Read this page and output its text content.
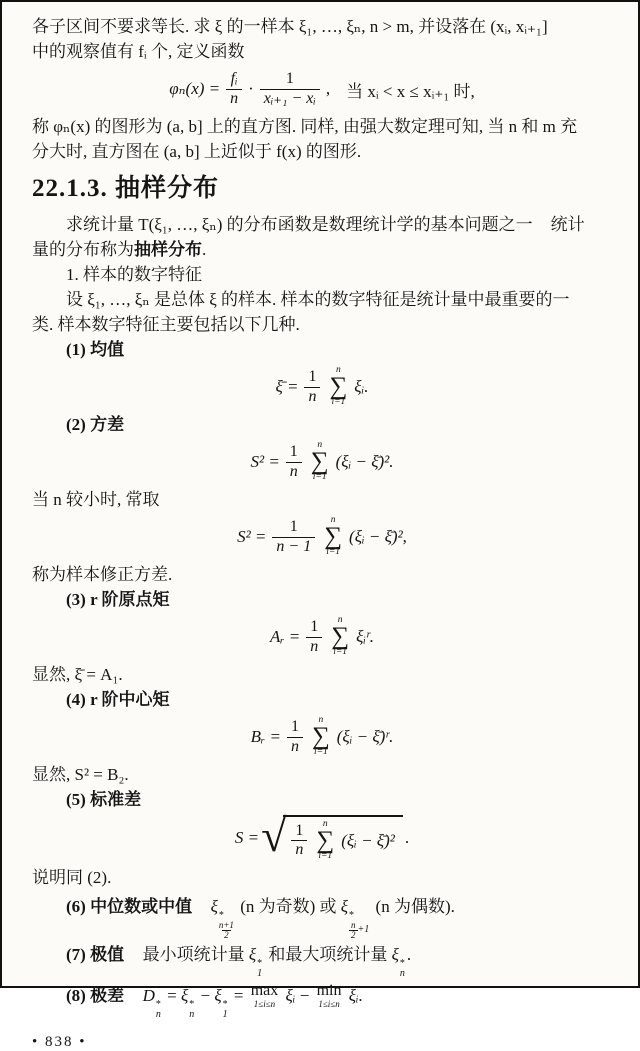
各子区间不要求等长. 求 ξ 的一样本 ξ₁, …, ξₙ, n > m, 并设落在 (xᵢ, xᵢ₊₁]
中的观察值有 fᵢ 个, 定义函数
$\varphi_n(x) = \frac{\text{fᵢ}}{n} \cdot \frac{1}{\text{xᵢ₊₁ − xᵢ}}$ , 当 xᵢ < x ≤ xᵢ₊₁ 时,
称 φₙ(x) 的图形为 (a, b] 上的直方图. 同样, 由强大数定理可知, 当 n 和 m 充
分大时, 直方图在 (a, b] 上近似于 f(x) 的图形.
22.1.3. 抽样分布
求统计量 T(ξ₁, …, ξₙ) 的分布函数是数理统计学的基本问题之一 统计
量的分布称为抽样分布.
1. 样本的数字特征
设 ξ₁, …, ξₙ 是总体 ξ 的样本. 样本的数字特征是统计量中最重要的一
类. 样本数字特征主要包括以下几种.
(1) 均值
ξ̄ = $\frac{1}{n}$ n
∑
i=1
ξᵢ.
(2) 方差
$S^2 = \frac{1}{n}$ n
∑
i=1
(ξᵢ − ξ̄)².
当 n 较小时, 常取
$S^2 = \frac{1}{n - 1}$ n
∑
i=1
(ξᵢ − ξ̄)²,
称为样本修正方差.
(3) r 阶原点矩
Aᵣ = $\frac{1}{n}$ n
∑
i=1
ξᵢʳ.
显然, ξ̄ = A₁.
(4) r 阶中心矩
Bᵣ = $\frac{1}{n}$ n
∑
i=1
(ξᵢ − ξ̄)ʳ.
显然, S² = B₂.
(5) 标准差
S = √ $\frac{1}{n}$ n
∑
i=1
(ξᵢ − ξ̄)² .
说明同 (2).
(6) 中位数或中值 ξ *
$\frac{n+1}{2}$
(n 为奇数) 或 ξ *
$\frac{n}{2} +1$
(n 为偶数).
(7) 极值 最小项统计量 ξ *
1
和最大项统计量 ξ *
n
.
(8) 极差 D *
n
= ξ *
n
− ξ *
1
= max
1≤i≤n ξᵢ − min
1≤i≤n ξᵢ.
• 838 •
